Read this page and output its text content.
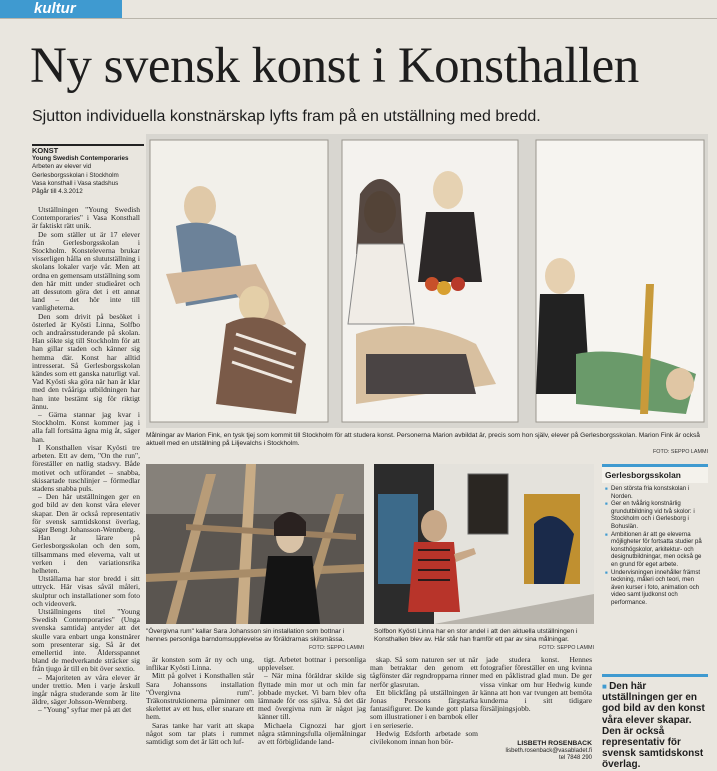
kultur
Ny svensk konst i Konsthallen
Sjutton individuella konstnärskap lyfts fram på en utställning med bredd.
KONST
Young Swedish Contemporaries
Arbeten av elever vid
Gerlesborgsskolan i Stockholm
Vasa konsthall i Vasa stadshus
Pågår till 4.3.2012

Utställningen "Young Swedish Contemporaries" i Vasa Konsthall är faktiskt rätt unik.

De som ställer ut är 17 elever från Gerlesborgsskolan i Stockholm. Konsteleverna brukar visserligen hålla en slututställning i skolans lokaler varje vår. Men att ordna en gemensam utställning som den här mitt under studieåret och att dessutom göra det i ett annat land – det hör inte till vanligheterna.

Den som drivit på besöket i österled är Kyösti Linna, Solfbo och andraårsstuderande på skolan. Han sökte sig till Stockholm för att han gillar staden och känner sig hemma där. Konst har alltid intresserat. Så Gerlesborgsskolan kändes som ett ganska naturligt val. Vad Kyösti ska göra när han är klar med den tvååriga utbildningen har han inte bestämt sig för riktigt ännu.

– Gärna stannar jag kvar i Stockholm. Konst kommer jag i alla fall fortsätta ägna mig åt, säger han.

I Konsthallen visar Kyösti tre arbeten. Ett av dem, "On the run", föreställer en natlig stadsvy. Både motivet och utförandet – snabba, skissartade tuschlinjer – förmedlar stadens snabba puls.

– Den här utställningen ger en god bild av den konst våra elever skapar. Den är också representativ för svensk samtidskonst överlag, säger Bengt Johansson-Wennberg.

Han är lärare på Gerlesborgsskolan och den som, tillsammans med eleverna, valt ut verken i den variationsrika helheten.

Utställarna har stor bredd i sitt uttryck. Här visas såväl måleri, skulptur och installationer som foto och videoverk.

Utställningens titel "Young Swedish Contemporaries" (Unga svenska samtida) antyder att det skulle vara enbart unga konstnärer som presenterar sig. Så är det emellertid inte. Åldersspannet bland de medverkande sträcker sig från tjugo år till en bit över sextio.

– Majoriteten av våra elever är under trettio. Men i varje årskull ingår några studerande som är lite äldre, säger Johsson-Wennberg.

– "Young" syftar mer på att det

Målningar av Marion Fink, en tysk tjej som kommit till Stockholm för att studera konst. Personerna Marion avbildat är, precis som hon själv, elever på Gerlesborgsskolan. Marion Fink är också aktuell med en utställning på Liljevalchs i Stockholm.
FOTO: SEPPO LAMMI
"Övergivna rum" kallar Sara Johansson sin installation som bottnar i hennes personliga barndomsupplevelse av föräldrarnas skilsmässa.
FOTO: SEPPO LAMMI
Solfbon Kyösti Linna har en stor andel i att den aktuella utställningen i Konsthallen blev av. Här står han framför ett par av sina målningar.
FOTO: SEPPO LAMMI

är konsten som är ny och ung, inflikar Kyösti Linna.

Mitt på golvet i Konsthallen står Sara Johanssons installation "Övergivna rum". Träkonstruktionerna påminner om skelettet av ett hus, eller snarare ett hem.

Saras tanke har varit att skapa något som tar plats i rummet samtidigt som det är lätt och luf-

tigt. Arbetet bottnar i personliga upplevelser.

– När mina föräldrar skilde sig flyttade min mor ut och min far jobbade mycket. Vi barn blev ofta lämnade för oss själva. Så det där med övergivna rum är något jag känner till.

Michaela Cignozzi har gjort några stämningsfulla oljemålningar av ett förbiglidande land-

skap. Så som naturen ser ut när man betraktar den genom ett tågfönster där regndropparna rinner nerför glasrutan.

Ett blickfång på utställningen är Jonas Perssons färgstarka fantasifigurer. De kunde gott platsa som illustrationer i en barnbok eller i en serieserie.

Hedwig Edsforth arbetade som civilekonom innan hon bör-

jade studera konst. Hennes fotografier föreställer en ung kvinna med en påklistrad glad mun. De ger vissa vinkar om hur Hedwig kunde känna att hon var tvungen att bemöta kunderna i sitt tidigare försäljningsjobb.

LISBETH ROSENBACK
lisbeth.rosenback@vasabladet.fi
tel 7848 290
Gerlesborgsskolan
■ Den största fria konstskolan i Norden.
■ Ger en tvåårig konstnärlig grundutbildning vid två skolor: i Stockholm och i Gerlesborg i Bohuslän.
■ Ambitionen är att ge eleverna möjligheter för fortsatta studier på konsthögskolor, arkitektur- och designutbildningar, men också ge en grund för eget arbete.
■ Undervisningen innehåller främst teckning, måleri och teori, men även kurser i foto, animation och video samt ljudkonst och performance.
■ Den här utställningen ger en god bild av den konst våra elever skapar. Den är också representativ för svensk samtidskonst överlag.
